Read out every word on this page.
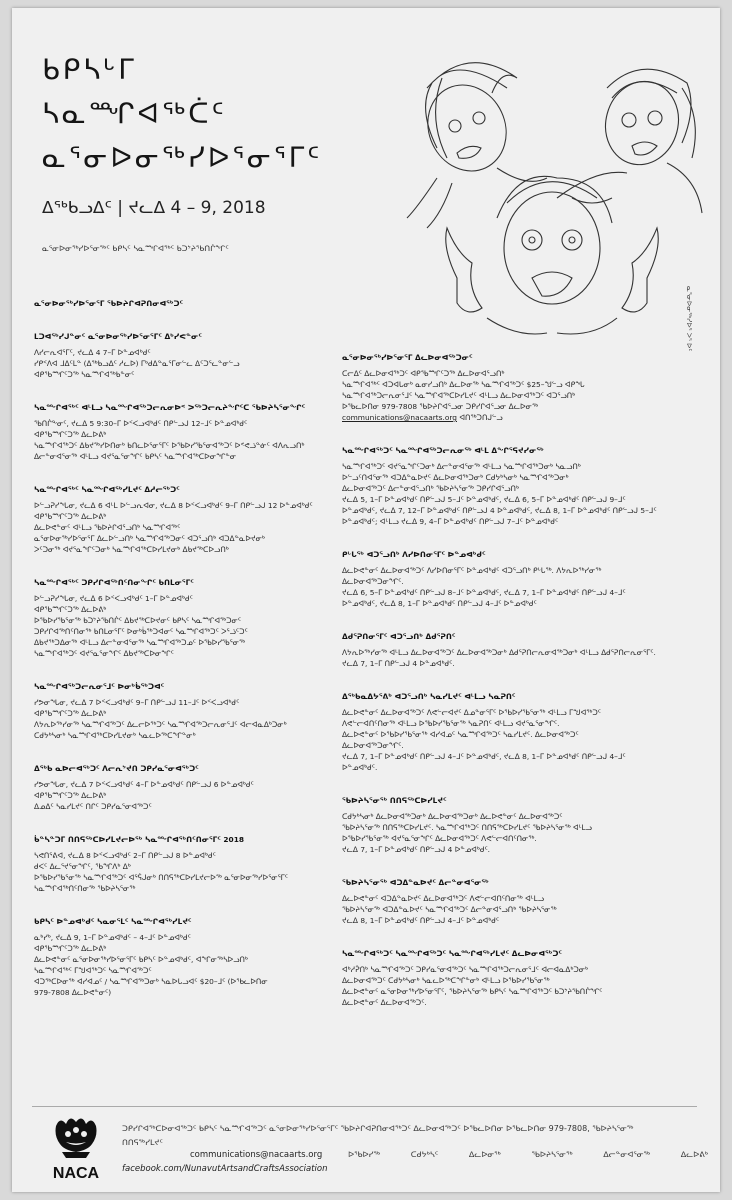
ᑲᑭᓴᒡᒥ
ᓴᓇᙱᐊᖅᑖᑦ
ᓇᕐᓂᐅᓂᖅᓯᐅᕐᓂᕐᒥᑦ
ᐃᖅᑲᓗᐃᑦ | ᔪᓚᐃ 4 – 9, 2018
ᓇᕐᓂᐅᓂᖅᓯᐅᕐᓂᖅᑦ ᑲᑭᓴᑦ ᓴᓇᙱᐊᖅᑦ ᑲᑐᔾᔨᖃᑎᒌᖏᑦ
ᓇᕐᓂᐅᓂᖅᓯᐅᕐ ᐳᕐ ᐅᑦ
ᓇᕐᓂᐅᓂᖅᓯᐅᕐᓂᕐᒥ ᖃᐅᔨᒋᐊᕈᑎᓂᐊᖅᑐᑦ
ᒪᑐᐊᖅᓯᒍᓐᓂᑦ ᓇᕐᓂᐅᓂᖅᓯᐅᕐᓂᕐᒥᑦ ᐃᒃᓯᕙᓐᓂᑦ
ᐱᓯᓕᕆᐊᕐᒥᑦ, ᔪᓚᐃ 4 7–ᒥ ᐅᓐᓄᐊᒃᑯᑦ
ᓯᑭᑉᐱᐊ ᒧᐃᑦᒪᓐ (ᐃᖅᑲᓗᐃᑦ ᓱᓚᐅ) ᒥᒃᑯᐃᓐᓇᕐᒥᓂᓪᓚ ᐃᑦᑐᕐᓚᓐᓂᓪᓗ
ᐊᑭᖃᙱᑦᑐᖅ ᓴᓇᙱᐊᖅᑲᓐᓂᑦ
ᓴᓇᙱᐊᖅᑦ ᐊᒻᒪᓗ ᓴᓇᙱᐊᖅᑐᓕᕆᓂᐅᑉ ᐳᖅᑐᓕᕆᔨᖏᑦᑕ ᖃᐅᔨᓴᕐᓂᖏᑦ
ᖃᑎᒌᖕᓂᑦ, ᔪᓚᐃ 5 9:30–ᒥ ᐅᑉᐸᓗᐊᒃᑯᑦ ᑎᑭᓪᓗᒍ 12–ᒧᑦ ᐅᓐᓄᐊᒃᑯᑦ
ᐊᑭᖃᙱᑦᑐᖅ ᐃᓚᐅᕕᒃ
ᓴᓇᙱᐊᖅᑐᑦ ᐃᑲᔪᖅᓯᐅᑎᓂᒃ ᑲᑎᓚᐅᕐᓂᕐᒥᑦ ᐅᖃᐅᓯᖃᕐᓂᐊᖅᑐᑦ ᐅᕝᕙᓘᓐᓃᑦ ᐊᐱᕆᓗᑎᒃ
ᐃᓕᓐᓂᐊᕐᓂᖅ ᐊᒻᒪᓗ ᐊᔪᕐᓇᕐᓂᖏᑦ ᑲᑭᓴᑦ ᓴᓇᙱᐊᖅᑕᐅᓂᖏᓐᓂ
ᓴᓇᙱᐊᖅᑦ ᓴᓇᙱᐊᖅᓯᒪᔪᑦ ᐃᓱᓕᖅᑐᑦ
ᐅᓪᓗᕈᓯᖓᓂ, ᔪᓚᐃ 6 ᐊᒻᒪ ᐅᓪᓗᕆᐊᓂ, ᔪᓚᐃ 8 ᐅᑉᐸᓗᐊᒃᑯᑦ 9–ᒥ ᑎᑭᓪᓗᒍ 12 ᐅᓐᓄᐊᒃᑯᑦ
ᐊᑭᖃᙱᑦᑐᖅ ᐃᓚᐅᕕᒃ
ᐃᓚᐅᕙᓐᓂᑦ ᐊᒻᒪᓗ ᖃᐅᔨᒋᐊᕐᓗᑎᒃ ᓴᓇᙱᐊᖅᑦ
ᓇᕐᓂᐅᓂᖅᓯᐅᕐᓂᕐᒥ ᐃᓚᐅᓪᓗᑎᒃ ᓴᓇᙱᐊᖅᑐᓂᑦ ᐊᑐᕐᓗᑎᒃ ᐊᑐᐃᓐᓇᐅᔪᓂᒃ
ᐳᑦᑐᓂᖅ ᐊᔪᕐᓇᖏᑦᑐᓂᒃ ᓴᓇᙱᐊᖅᑕᐅᓯᒪᔪᓂᒃ ᐃᑲᔪᖅᑕᐅᓗᑎᒃ
ᓴᓇᙱᐊᖅᑦ ᑐᑭᓯᒋᐊᖅᑎᑦᑎᓂᖏᑦ ᑲᑎᒪᓂᕐᒥᑦ
ᐅᓪᓗᕈᓯᖓᓂ, ᔪᓚᐃ 6 ᐅᑉᐸᓗᐊᒃᑯᑦ 1–ᒥ ᐅᓐᓄᐊᒃᑯᑦ
ᐊᑭᖃᙱᑦᑐᖅ ᐃᓚᐅᕕᒃ
ᐅᖃᐅᓯᖃᕐᓂᖅ ᑲᑐᔾᔨᖃᑎᒌᑦ ᐃᑲᔪᖅᑕᐅᔪᓂᑦ ᑲᑭᓴᑦ ᓴᓇᙱᐊᖅᑐᓂᑦ
ᑐᑭᓯᒋᐊᖅᑎᑦᑎᓂᖅ ᑲᑎᒪᓂᕐᒥᑦ ᐅᓂᒃᑳᖅᑐᐊᓂᑦ ᓴᓇᙱᐊᖅᑐᑦ ᐳᕐᓘᑦᑐᑦ
ᐃᑲᔪᖅᑐᐃᓂᖅ ᐊᒻᒪᓗ ᐃᓕᓐᓂᐊᕐᓂᖅ ᓴᓇᙱᐊᖅᑐᓄᑦ ᐅᖃᐅᓯᖃᕐᓂᖅ
ᓴᓇᙱᐊᖅᑐᑦ ᐊᔪᕐᓇᕐᓂᖏᑦ ᐃᑲᔪᖅᑕᐅᓂᖏᑦ
ᓴᓇᙱᐊᖅᑐᓕᕆᓂᕐᒧᑦ ᐅᓂᒃᑳᖅᑐᐊᑦ
ᓯᕗᓂᖓᓂ, ᔪᓚᐃ 7 ᐅᑉᐸᓗᐊᒃᑯᑦ 9–ᒥ ᑎᑭᓪᓗᒍ 11–ᒧᑦ ᐅᑉᐸᓗᐊᒃᑯᑦ
ᐊᑭᖃᙱᑦᑐᖅ ᐃᓚᐅᕕᒃ
ᐱᔭᕆᐅᖅᓯᓂᖅ ᓴᓇᙱᐊᖅᑐᑦ ᐃᓚᓕᐅᖅᑐᑦ ᓴᓇᙱᐊᖅᑐᓕᕆᓂᕐᒧᑦ ᐊᓕᐊᓇᐃᒃᑐᓂᒃ
ᑕᑯᔭᒃᓴᓂᒃ ᓴᓇᙱᐊᖅᑕᐅᓯᒪᔪᓂᒃ ᓴᓇᓚᐅᖅᑕᖏᓐᓂᒃ
ᐃᖅᑲ ᓇᐅᓕᐊᖅᑐᑦ ᐱᓕᕆᔾᔪᑎ ᑐᑭᓯᓇᕐᓂᐊᖅᑐᑦ
ᓯᕗᓂᖓᓂ, ᔪᓚᐃ 7 ᐅᑉᐸᓗᐊᒃᑯᑦ 4–ᒥ ᐅᓐᓄᐊᒃᑯᑦ ᑎᑭᓪᓗᒍ 6 ᐅᓐᓄᐊᒃᑯᑦ
ᐊᑭᖃᙱᑦᑐᖅ ᐃᓚᐅᕕᒃ
ᐃᓄᐃᑦ ᓴᓇᓯᒪᔪᑦ ᑎᒋᑦ ᑐᑭᓯᓇᕐᓂᐊᖅᑐᑦ
ᑳᓐᓴᓐᑐᒥ ᑎᑎᕋᖅᑕᐅᓯᒪᔪᓕᐅᖅ ᓴᓇᙱᐊᖅᑎᑦᑎᓂᕐᒥᑦ 2018
ᓴᕙᑎᕐᕕᐊ, ᔪᓚᐃ 8 ᐅᑉᐸᓗᐊᒃᑯᑦ 2–ᒥ ᑎᑭᓪᓗᒍ 8 ᐅᓐᓄᐊᒃᑯᑦ
ᑯᐸᑦ ᐃᓚᕐᔪᕐᓂᖏᑦ, ᖃᖏᐱᒃ ᐃᒃ
ᐅᖃᐅᓯᖃᕐᓂᖅ ᓴᓇᙱᐊᖅᑐᑦ ᐊᕐᕌᒍᓂᒃ ᑎᑎᕋᖅᑕᐅᓯᒪᔪᓕᐅᖅ ᓇᕐᓂᐅᓂᖅᓯᐅᕐᓂᕐᒥᑦ
ᓴᓇᙱᐊᖅᑎᑦᑎᓂᖅ ᖃᐅᔨᓴᕐᓂᖅ
ᑲᑭᓴᑦ ᐅᓐᓄᐊᒃᑯᑦ ᓴᓇᓂᕐᒪᑦ ᓴᓇᙱᐊᖅᓯᒪᔪᑦ
ᓇᒃᓯᒃ, ᔪᓚᐃ 9, 1–ᒥ ᐅᓐᓄᐊᒃᑯᑦ – 4–ᒧᑦ ᐅᓐᓄᐊᒃᑯᑦ
ᐊᑭᖃᙱᑦᑐᖅ ᐃᓚᐅᕕᒃ
ᐃᓚᐅᕙᓐᓂᑦ ᓇᕐᓂᐅᓂᖅᓯᐅᕐᓂᕐᒥᑦ ᑲᑭᓴᑦ ᐅᓐᓄᐊᒃᑯᑦ, ᐊᖏᓂᖅᓴᐅᓗᑎᒃ
ᓴᓇᙱᐊᖅᑦ ᒥᖑᐊᖅᑐᑦ ᓴᓇᙱᐊᖅᑐᑦ
ᐊᑐᖅᑕᐅᓂᖅ ᐊᓯᐊᓄᑦ / ᓴᓇᙱᐊᖅᑐᓂᒃ ᓴᓇᐅᒐᓗᐊᑦ $20–ᒧᑦ (ᐅᖃᓚᐅᑎᓂ
979-7808 ᐃᓚᐅᕙᓐᓂᑦ)
ᓇᕐᓂᐅᓂᖅᓯᐅᕐᓂᕐᒥ ᐃᓚᐅᓂᐊᖅᑐᓂᑦ
ᑕᓕᐃᑦ ᐃᓚᐅᓂᐊᖅᑐᑦ ᐊᑭᖃᙱᑦᑐᖅ ᐃᓚᐅᓂᐊᕐᓗᑎᒃ
ᓴᓇᙱᐊᖅᑦ ᐊᑐᐊᒐᓂᒃ ᓇᓂᓯᓗᑎᒃ ᐃᓚᐅᓂᖅ ᓴᓇᙱᐊᖅᑐᑦ $25–ᖑᓪᓗ ᐊᑭᖓ
ᓴᓇᙱᐊᖅᑐᓕᕆᓂᕐᒧᑦ ᓴᓇᙱᐊᖅᑕᐅᓯᒪᔪᑦ ᐊᒻᒪᓗ ᐃᓚᐅᓂᐊᖅᑐᑦ ᐊᑐᕐᓗᑎᒃ
ᐅᖃᓚᐅᑎᓂ 979-7808 ᖃᐅᔨᒋᐊᕐᓗᓂ ᑐᑭᓯᒋᐊᕐᓗᓂ ᐃᓚᐅᓂᖅ
communications@nacaarts.org ᐊᑎᖅᑐᑎᒍᓪᓗ
ᓴᓇᙱᐊᖅᑐᑦ ᓴᓇᙱᐊᖅᑐᓕᕆᓂᖅ ᐊᒻᒪ ᐃᖏᕐᕋᔪᓯᓂᖅ
ᓴᓇᙱᐊᖅᑐᑦ ᐊᔪᕐᓇᖏᑦᑐᓂᒃ ᐃᓕᓐᓂᐊᕐᓂᖅ ᐊᒻᒪᓗ ᓴᓇᙱᐊᖅᑐᓂᒃ ᓴᓇᓗᑎᒃ
ᐅᓪᓗᑦᑎᐊᕐᓂᖅ ᐊᑐᐃᓐᓇᐅᔪᑦ ᐃᓚᐅᓂᐊᖅᑐᓂᒃ ᑕᑯᔭᒃᓴᓂᒃ ᓴᓇᙱᐊᖅᑐᓂᒃ
ᐃᓚᐅᓂᐊᖅᑐᑦ ᐃᓕᓐᓂᐊᕐᓗᑎᒃ ᖃᐅᔨᓴᕐᓂᖅ ᑐᑭᓯᒋᐊᕐᓗᑎᒃ
ᔪᓚᐃ 5, 1–ᒥ ᐅᓐᓄᐊᒃᑯᑦ ᑎᑭᓪᓗᒍ 5–ᒧᑦ ᐅᓐᓄᐊᒃᑯᑦ, ᔪᓚᐃ 6, 5–ᒥ ᐅᓐᓄᐊᒃᑯᑦ ᑎᑭᓪᓗᒍ 9–ᒧᑦ
ᐅᓐᓄᐊᒃᑯᑦ, ᔪᓚᐃ 7, 12–ᒥ ᐅᓐᓄᐊᒃᑯᑦ ᑎᑭᓪᓗᒍ 4 ᐅᓐᓄᐊᒃᑯᑦ, ᔪᓚᐃ 8, 1–ᒥ ᐅᓐᓄᐊᒃᑯᑦ ᑎᑭᓪᓗᒍ 5–ᒧᑦ
ᐅᓐᓄᐊᒃᑯᑦ; ᐊᒻᒪᓗ ᔪᓚᐃ 9, 4–ᒥ ᐅᓐᓄᐊᒃᑯᑦ ᑎᑭᓪᓗᒍ 7–ᒧᑦ ᐅᓐᓄᐊᒃᑯᑦ
ᑭᒡᒐᖅ ᐊᑐᕐᓗᑎᒃ ᐱᓯᐅᑎᓂᕐᒥᑦ ᐅᓐᓄᐊᒃᑯᑦ
ᐃᓚᐅᕙᓐᓂᑦ ᐃᓚᐅᓂᐊᖅᑐᑦ ᐱᓯᐅᑎᓂᕐᒥᑦ ᐅᓐᓄᐊᒃᑯᑦ ᐊᑐᕐᓗᑎᒃ ᑭᒡᒐᖅ. ᐱᔭᕆᐅᖅᓯᓂᖅ
ᐃᓚᐅᓂᐊᖅᑐᓂᖏᑦ.
ᔪᓚᐃ 6, 5–ᒥ ᐅᓐᓄᐊᒃᑯᑦ ᑎᑭᓪᓗᒍ 8–ᒧᑦ ᐅᓐᓄᐊᒃᑯᑦ, ᔪᓚᐃ 7, 1–ᒥ ᐅᓐᓄᐊᒃᑯᑦ ᑎᑭᓪᓗᒍ 4–ᒧᑦ
ᐅᓐᓄᐊᒃᑯᑦ, ᔪᓚᐃ 8, 1–ᒥ ᐅᓐᓄᐊᒃᑯᑦ ᑎᑭᓪᓗᒍ 4–ᒧᑦ ᐅᓐᓄᐊᒃᑯᑦ
ᐃᑯᕐᕈᑎᓂᕐᒥᑦ ᐊᑐᕐᓗᑎᒃ ᐃᑯᕐᕈᑎᑦ
ᐱᔭᕆᐅᖅᓯᓂᖅ ᐊᒻᒪᓗ ᐃᓚᐅᓂᐊᖅᑐᑦ ᐃᓚᐅᓂᐊᖅᑐᓂᒃ ᐃᑯᕐᕈᑎᓕᕆᓂᐊᖅᑐᓂᒃ ᐊᒻᒪᓗ ᐃᑯᕐᕈᑎᓕᕆᓂᕐᒥᑦ.
ᔪᓚᐃ 7, 1–ᒥ ᑎᑭᓪᓗᒍ 4 ᐅᓐᓄᐊᒃᑯᑦ.
ᐃᖅᑲᓇᐃᔭᕐᕕᒃ ᐊᑐᕐᓗᑎᒃ ᓴᓇᓯᒪᔪᑦ ᐊᒻᒪᓗ ᓴᓇᕈᑎᑦ
ᐃᓚᐅᕙᓐᓂᑦ ᐃᓚᐅᓂᐊᖅᑐᑦ ᐱᕙᓪᓕᐊᔪᑦ ᐃᓄᓐᓂᕐᒥᑦ ᐅᖃᐅᓯᖃᕐᓂᖅ ᐊᒻᒪᓗ ᒥᖑᐊᖅᑐᑦ
ᐱᕙᓪᓕᐊᑎᑦᑎᓂᖅ ᐊᒻᒪᓗ ᐅᖃᐅᓯᖃᕐᓂᖅ ᓴᓇᕈᑎᑦ ᐊᒻᒪᓗ ᐊᔪᕐᓇᕐᓂᖏᑦ.
ᐃᓚᐅᕙᓐᓂᑦ ᐅᖃᐅᓯᖃᕐᓂᖅ ᐊᓯᐊᓄᑦ ᓴᓇᙱᐊᖅᑐᑦ ᓴᓇᓯᒪᔪᑦ. ᐃᓚᐅᓂᐊᖅᑐᑦ
ᐃᓚᐅᓂᐊᖅᑐᓂᖏᑦ.
ᔪᓚᐃ 7, 1–ᒥ ᐅᓐᓄᐊᒃᑯᑦ ᑎᑭᓪᓗᒍ 4–ᒧᑦ ᐅᓐᓄᐊᒃᑯᑦ, ᔪᓚᐃ 8, 1–ᒥ ᐅᓐᓄᐊᒃᑯᑦ ᑎᑭᓪᓗᒍ 4–ᒧᑦ
ᐅᓐᓄᐊᒃᑯᑦ.
ᖃᐅᔨᓴᕐᓂᖅ ᑎᑎᕋᖅᑕᐅᓯᒪᔪᑦ
ᑕᑯᔭᒃᓴᓂᒃ ᐃᓚᐅᓂᐊᖅᑐᓂᒃ ᐃᓚᐅᓂᐊᖅᑐᓂᒃ ᐃᓚᐅᕙᓐᓂᑦ ᐃᓚᐅᓂᐊᖅᑐᑦ
ᖃᐅᔨᓴᕐᓂᖅ ᑎᑎᕋᖅᑕᐅᓯᒪᔪᑦ. ᓴᓇᙱᐊᖅᑐᑦ ᑎᑎᕋᖅᑕᐅᓯᒪᔪᑦ ᖃᐅᔨᓴᕐᓂᖅ ᐊᒻᒪᓗ
ᐅᖃᐅᓯᖃᕐᓂᖅ ᐊᔪᕐᓇᕐᓂᖏᑦ ᐃᓚᐅᓂᐊᖅᑐᑦ ᐱᕙᓪᓕᐊᑎᑦᑎᓂᖅ.
ᔪᓚᐃ 7, 1–ᒥ ᐅᓐᓄᐊᒃᑯᑦ ᑎᑭᓪᓗᒍ 4 ᐅᓐᓄᐊᒃᑯᑦ.
ᖃᐅᔨᓴᕐᓂᖅ ᐊᑐᐃᓐᓇᐅᔪᑦ ᐃᓕᓐᓂᐊᕐᓂᖅ
ᐃᓚᐅᕙᓐᓂᑦ ᐊᑐᐃᓐᓇᐅᔪᑦ ᐃᓚᐅᓂᐊᖅᑐᑦ ᐱᕙᓪᓕᐊᑎᑦᑎᓂᖅ ᐊᒻᒪᓗ
ᖃᐅᔨᓴᕐᓂᖅ ᐊᑐᐃᓐᓇᐅᔪᑦ ᓴᓇᙱᐊᖅᑐᑦ ᐃᓕᓐᓂᐊᕐᓗᑎᒃ ᖃᐅᔨᓴᕐᓂᖅ
ᔪᓚᐃ 8, 1–ᒥ ᐅᓐᓄᐊᒃᑯᑦ ᑎᑭᓪᓗᒍ 4–ᒧᑦ ᐅᓐᓄᐊᒃᑯᑦ
ᓴᓇᙱᐊᖅᑐᑦ ᓴᓇᙱᐊᖅᑐᑦ ᓴᓇᙱᐊᖅᓯᒪᔪᑦ ᐃᓚᐅᓂᐊᖅᑐᑦ
ᐊᒃᓱᕉᑎᒃ ᓴᓇᙱᐊᖅᑐᑦ ᑐᑭᓯᓇᕐᓂᐊᖅᑐᑦ ᓴᓇᙱᐊᖅᑐᓕᕆᓂᕐᒧᑦ ᐊᓕᐊᓇᐃᒃᑐᓂᒃ
ᐃᓚᐅᓂᐊᖅᑐᑦ ᑕᑯᔭᒃᓴᓂᒃ ᓴᓇᓚᐅᖅᑕᖏᓐᓂᒃ ᐊᒻᒪᓗ ᐅᖃᐅᓯᖃᕐᓂᖅ
ᐃᓚᐅᕙᓐᓂᑦ ᓇᕐᓂᐅᓂᖅᓯᐅᕐᓂᕐᒥᑦ, ᖃᐅᔨᓴᕐᓂᖅ ᑲᑭᓴᑦ ᓴᓇᙱᐊᖅᑐᑦ ᑲᑐᔾᔨᖃᑎᒌᖏᑦ
ᐃᓚᐅᕙᓐᓂᑦ ᐃᓚᐅᓂᐊᖅᑐᑦ.
NACA
ᑐᑭᓯᒋᐊᖅᑕᐅᓂᐊᖅᑐᑦ ᑲᑭᓴᑦ ᓴᓇᙱᐊᖅᑐᑦ ᓇᕐᓂᐅᓂᖅᓯᐅᕐᓂᕐᒥᑦ ᖃᐅᔨᒋᐊᕈᑎᓂᐊᖅᑐᑦ ᐃᓚᐅᓂᐊᖅᑐᑦ ᐅᖃᓚᐅᑎᓂ ᐅᖃᓚᐅᑎᓂ 979-7808, ᖃᐅᔨᓴᕐᓂᖅ
ᑎᑎᕋᖅᓯᒪᔪᑦ
communications@nacaarts.org
facebook.com/NunavutArtsandCraftsAssociation
ᐅᖃᐅᓯᖅ	ᑕᑯᔭᒃᓴᑦ	ᐃᓚᐅᓂᖅ	ᖃᐅᔨᓴᕐᓂᖅ	ᐃᓕᓐᓂᐊᕐᓂᖅ	ᐃᓚᐅᕕᒃ
